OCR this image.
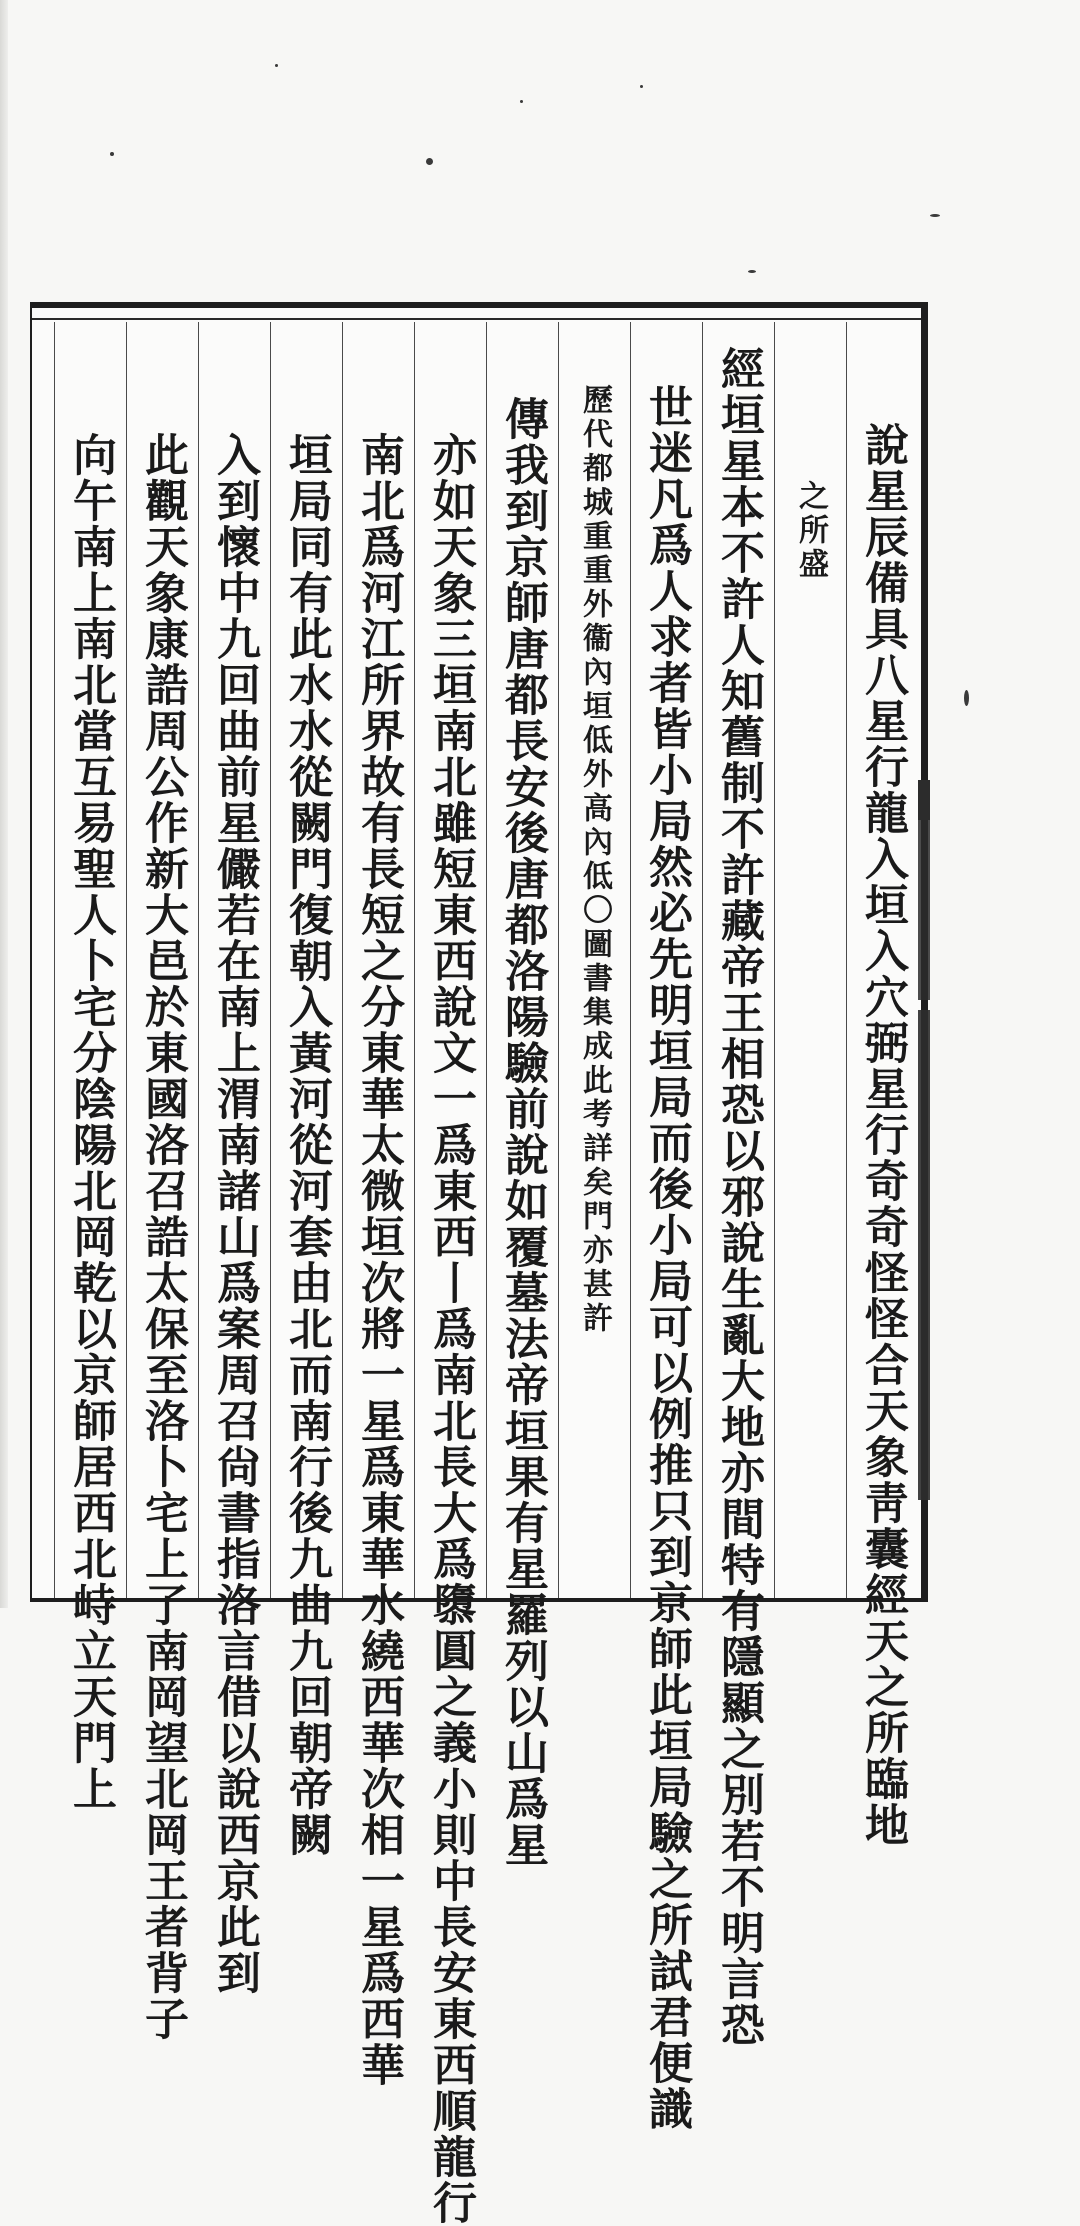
說星辰備具八星行龍入垣入穴弼星行奇奇怪怪合天象靑囊經天之所臨地
之所盛
經垣星本不許人知舊制不許藏帝王相恐以邪說生亂大地亦間特有隱顯之別若不明言恐
世迷凡爲人求者皆小局然必先明垣局而後小局可以例推只到京師此垣局驗之所試君便識
歷代都城重重外衞內垣低外高內低〇圖書集成此考詳矣門亦甚許
傳我到京師唐都長安後唐都洛陽驗前說如覆墓法帝垣果有星羅列以山爲星
亦如天象三垣南北雖短東西說文一爲東西丨爲南北長大爲隳圓之義小則中長安東西順龍行
南北爲河江所界故有長短之分東華太微垣次將一星爲東華水繞西華次相一星爲西華
垣局同有此水水從闕門復朝入黃河從河套由北而南行後九曲九回朝帝闕
入到懷中九回曲前星儼若在南上渭南諸山爲案周召尙書指洛言借以說西京此到
此觀天象康誥周公作新大邑於東國洛召誥太保至洛卜宅上了南岡望北岡王者背子
向午南上南北當互易聖人卜宅分陰陽北岡乾以京師居西北峙立天門上
